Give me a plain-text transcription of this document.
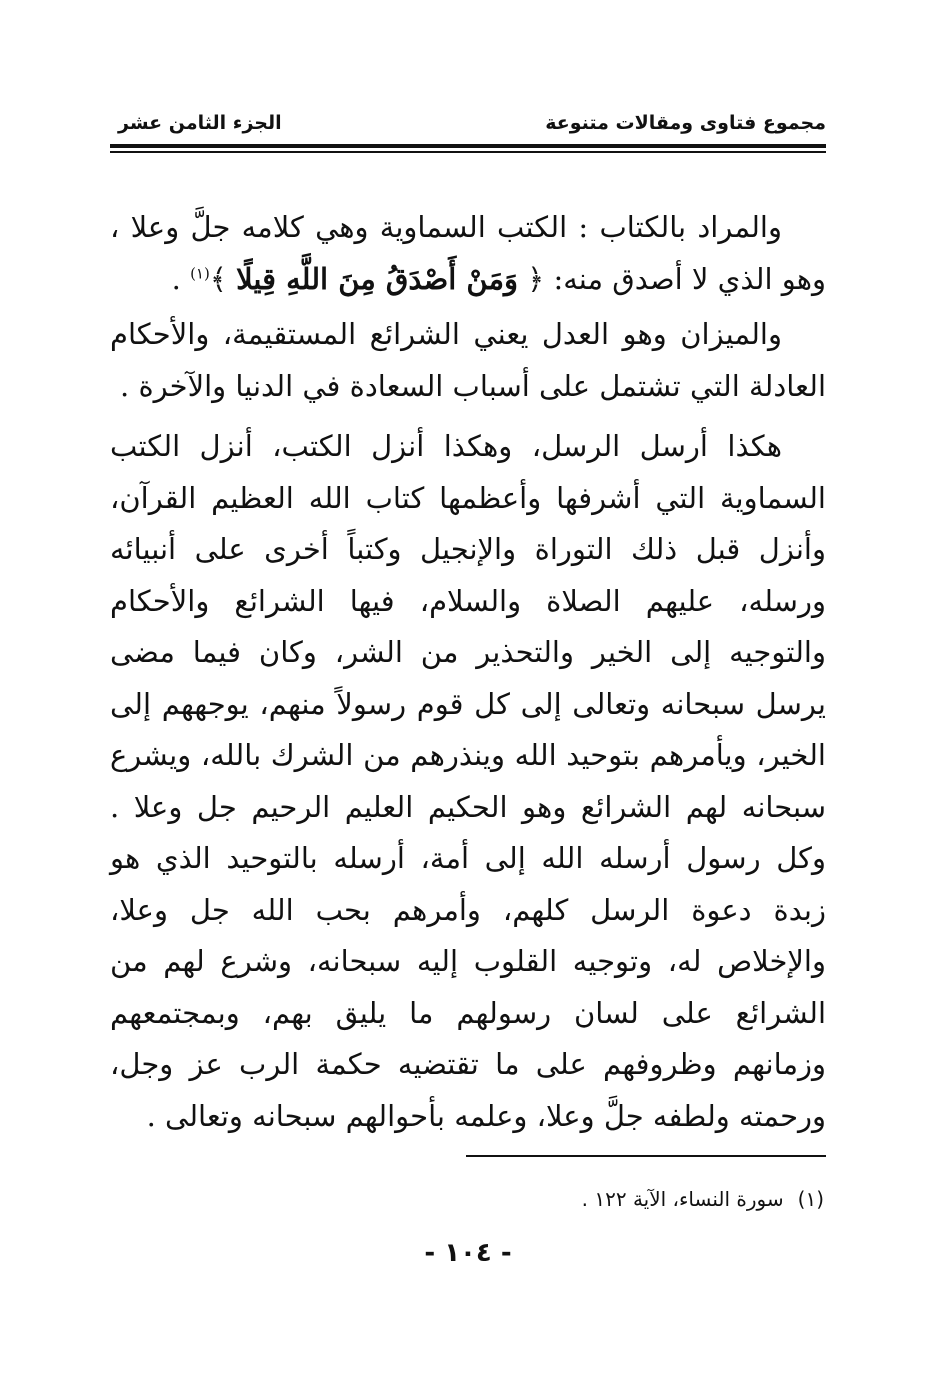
مجموع فتاوى ومقالات متنوعة
الجزء الثامن عشر

والمراد بالكتاب : الكتب السماوية وهي كلامه جلَّ وعلا ، وهو الذي لا أصدق منه: ﴿ وَمَنْ أَصْدَقُ مِنَ اللَّهِ قِيلًا ﴾$^{(١)}$ .

والميزان وهو العدل يعني الشرائع المستقيمة، والأحكام العادلة التي تشتمل على أسباب السعادة في الدنيا والآخرة .

هكذا أرسل الرسل، وهكذا أنزل الكتب، أنزل الكتب السماوية التي أشرفها وأعظمها كتاب الله العظيم القرآن، وأنزل قبل ذلك التوراة والإنجيل وكتباً أخرى على أنبيائه ورسله، عليهم الصلاة والسلام، فيها الشرائع والأحكام والتوجيه إلى الخير والتحذير من الشر، وكان فيما مضى يرسل سبحانه وتعالى إلى كل قوم رسولاً منهم، يوجههم إلى الخير، ويأمرهم بتوحيد الله وينذرهم من الشرك بالله، ويشرع سبحانه لهم الشرائع وهو الحكيم العليم الرحيم جل وعلا . وكل رسول أرسله الله إلى أمة، أرسله بالتوحيد الذي هو زبدة دعوة الرسل كلهم، وأمرهم بحب الله جل وعلا، والإخلاص له، وتوجيه القلوب إليه سبحانه، وشرع لهم من الشرائع على لسان رسولهم ما يليق بهم، وبمجتمعهم وزمانهم وظروفهم على ما تقتضيه حكمة الرب عز وجل، ورحمته ولطفه جلَّ وعلا، وعلمه بأحوالهم سبحانه وتعالى .

(١)سورة النساء، الآية ١٢٢ .
- ١٠٤ -
